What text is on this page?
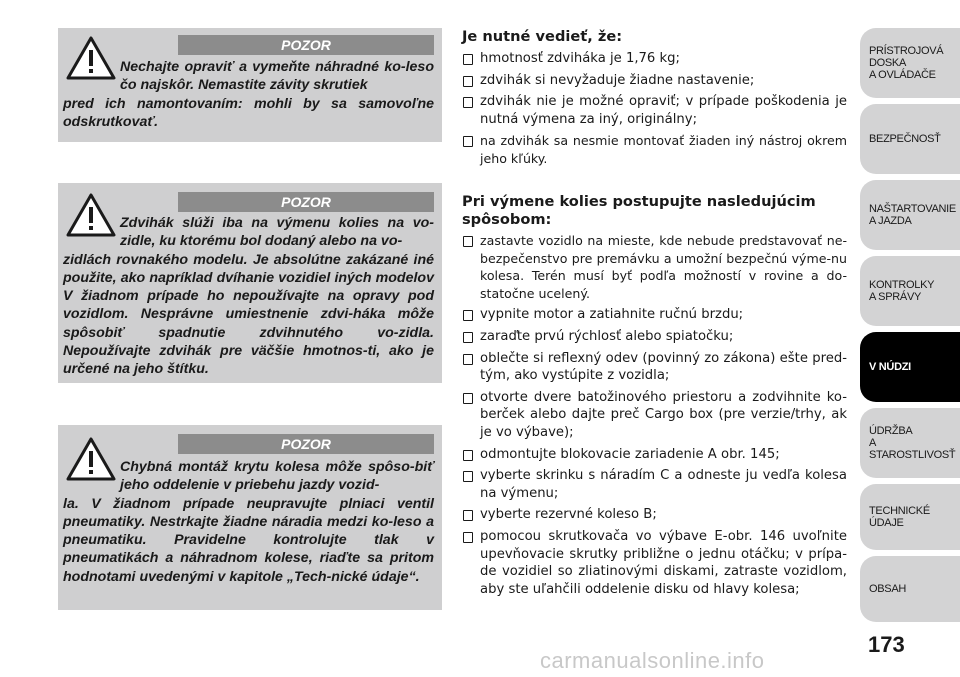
POZOR
Nechajte opraviť a vymeňte náhradné ko-leso čo najskôr. Nemastite závity skrutiek
pred ich namontovaním: mohli by sa samovoľne odskrutkovať.
POZOR
Zdvihák slúži iba na výmenu kolies na vo-zidle, ku ktorému bol dodaný alebo na vo-
zidlách rovnakého modelu. Je absolútne zakázané iné použite, ako napríklad dvíhanie vozidiel iných modelov V žiadnom prípade ho nepoužívajte na opravy pod vozidlom. Nesprávne umiestnenie zdvi-háka môže spôsobiť spadnutie zdvihnutého vo-zidla. Nepoužívajte zdvihák pre väčšie hmotnos-ti, ako je určené na jeho štítku.
POZOR
Chybná montáž krytu kolesa môže spôso-biť jeho oddelenie v priebehu jazdy vozid-
la. V žiadnom prípade neupravujte plniaci ventil pneumatiky. Nestrkajte žiadne náradia medzi ko-leso a pneumatiku. Pravidelne kontrolujte tlak v pneumatikách a náhradnom kolese, riaďte sa pritom hodnotami uvedenými v kapitole „Tech-nické údaje“.
Je nutné vedieť, že:
hmotnosť zdviháka je 1,76 kg;
zdvihák si nevyžaduje žiadne nastavenie;
zdvihák nie je možné opraviť; v prípade poškodenia je nutná výmena za iný, originálny;
na zdvihák sa nesmie montovať žiaden iný nástroj okrem jeho kľúky.
Pri výmene kolies postupujte nasledujúcim spôsobom:
zastavte vozidlo na mieste, kde nebude predstavovať ne-bezpečenstvo pre premávku a umožní bezpečnú výme-nu kolesa. Terén musí byť podľa možností v rovine a do-statočne ucelený.
vypnite motor a zatiahnite ručnú brzdu;
zaraďte prvú rýchlosť alebo spiatočku;
oblečte si reflexný odev (povinný zo zákona) ešte pred-tým, ako vystúpite z vozidla;
otvorte dvere batožinového priestoru a zodvihnite ko-berček alebo dajte preč Cargo box (pre verzie/trhy, ak je vo výbave);
odmontujte blokovacie zariadenie A obr. 145;
vyberte skrinku s náradím C a odneste ju vedľa kolesa na výmenu;
vyberte rezervné koleso B;
pomocou skrutkovača vo výbave E-obr. 146 uvoľnite upevňovacie skrutky približne o jednu otáčku; v prípa-de vozidiel so zliatinovými diskami, zatraste vozidlom, aby ste uľahčili oddelenie disku od hlavy kolesa;
PRÍSTROJOVÁ
DOSKA
A OVLÁDAČE
BEZPEČNOSŤ
NAŠTARTOVANIE
A JAZDA
KONTROLKY
A SPRÁVY
V NÚDZI
ÚDRŽBA
A STAROSTLIVOSŤ
TECHNICKÉ ÚDAJE
OBSAH
173
carmanualsonline.info
